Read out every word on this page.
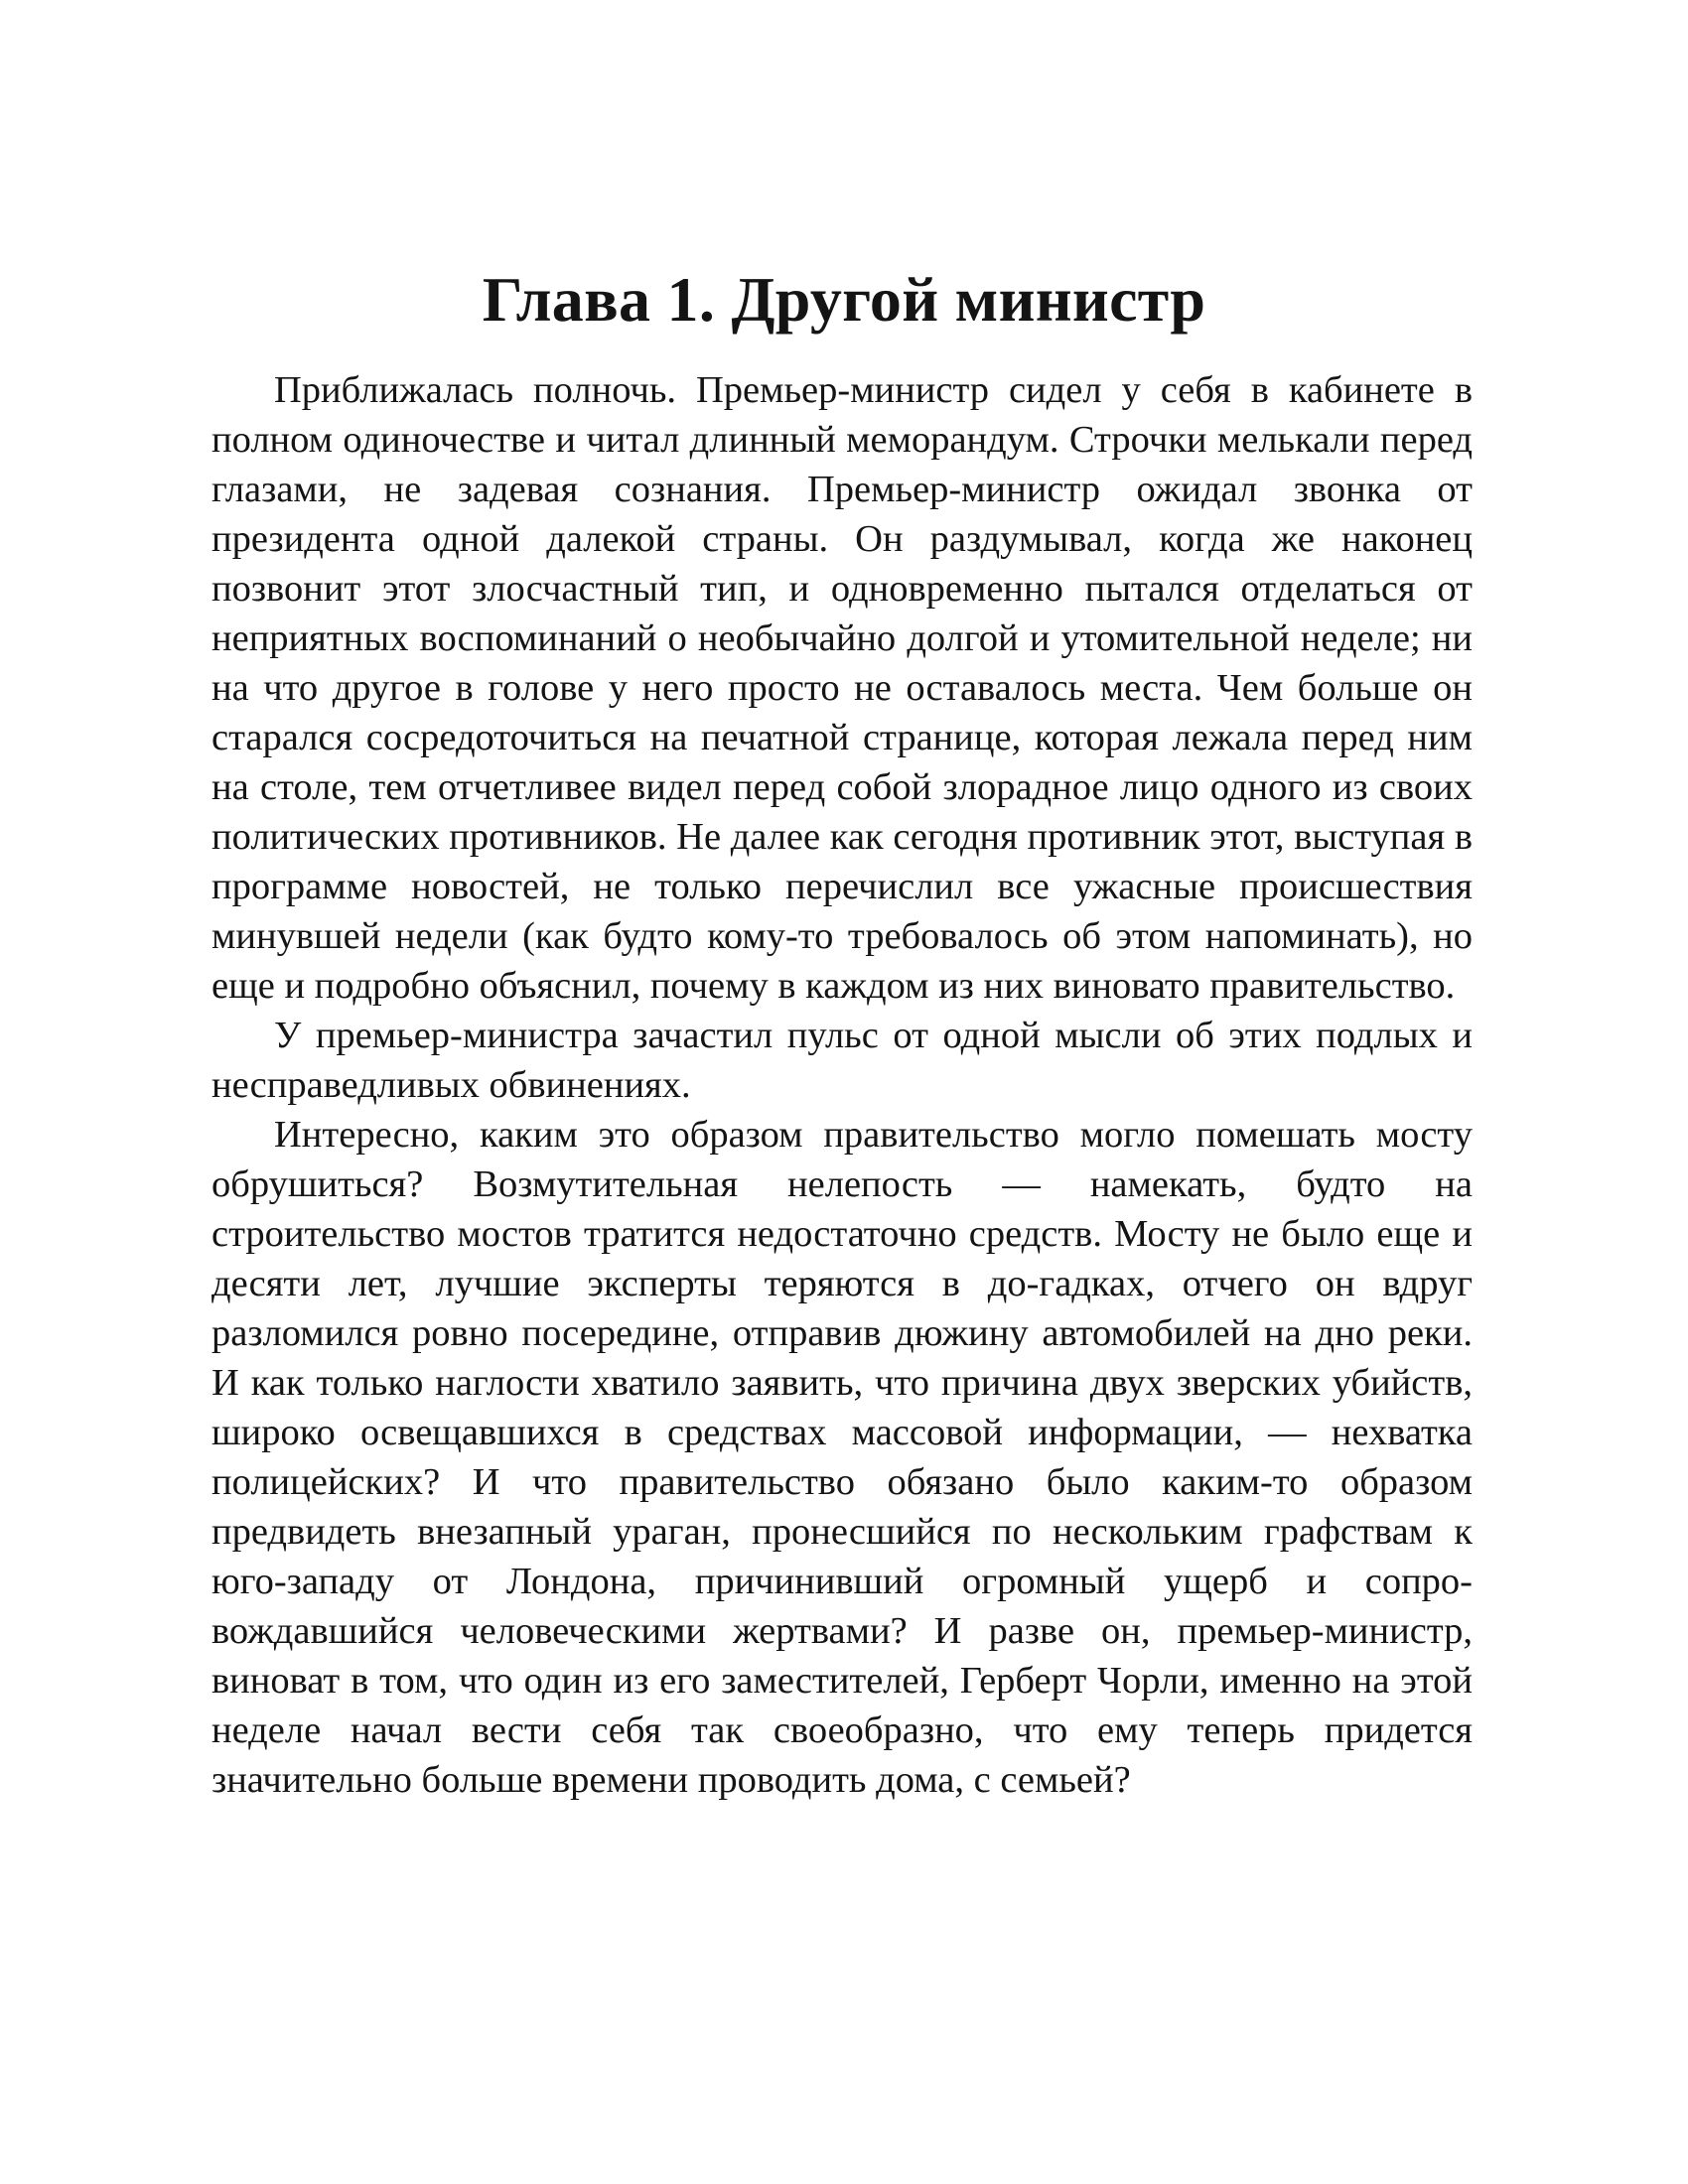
Глава 1. Другой министр

Приближалась полночь. Премьер-министр сидел у себя в кабинете в полном одиночестве и читал длинный меморандум. Строчки мелькали перед глазами, не задевая сознания. Премьер-министр ожидал звонка от президента одной далекой страны. Он раздумывал, когда же наконец позвонит этот злосчастный тип, и одновременно пытался отделаться от неприятных воспоминаний о необычайно долгой и утомительной неделе; ни на что другое в голове у него просто не оставалось места. Чем больше он старался сосредоточиться на печатной странице, которая лежала перед ним на столе, тем отчетливее видел перед собой злорадное лицо одного из своих политических противников. Не далее как сегодня противник этот, выступая в программе новостей, не только перечислил все ужасные происшествия минувшей недели (как будто кому-то требовалось об этом напоминать), но еще и подробно объяснил, почему в каждом из них виновато правительство.

У премьер-министра зачастил пульс от одной мысли об этих подлых и несправедливых обвинениях.

Интересно, каким это образом правительство могло помешать мосту обрушиться? Возмутительная нелепость — намекать, будто на строительство мостов тратится недостаточно средств. Мосту не было еще и десяти лет, лучшие эксперты теряются в до-гадках, отчего он вдруг разломился ровно посередине, отправив дюжину автомобилей на дно реки. И как только наглости хватило заявить, что причина двух зверских убийств, широко освещавшихся в средствах массовой информации, — нехватка полицейских? И что правительство обязано было каким-то образом предвидеть внезапный ураган, пронесшийся по нескольким графствам к юго-западу от Лондона, причинивший огромный ущерб и сопро-вождавшийся человеческими жертвами? И разве он, премьер-министр, виноват в том, что один из его заместителей, Герберт Чорли, именно на этой неделе начал вести себя так своеобразно, что ему теперь придется значительно больше времени проводить дома, с семьей?
